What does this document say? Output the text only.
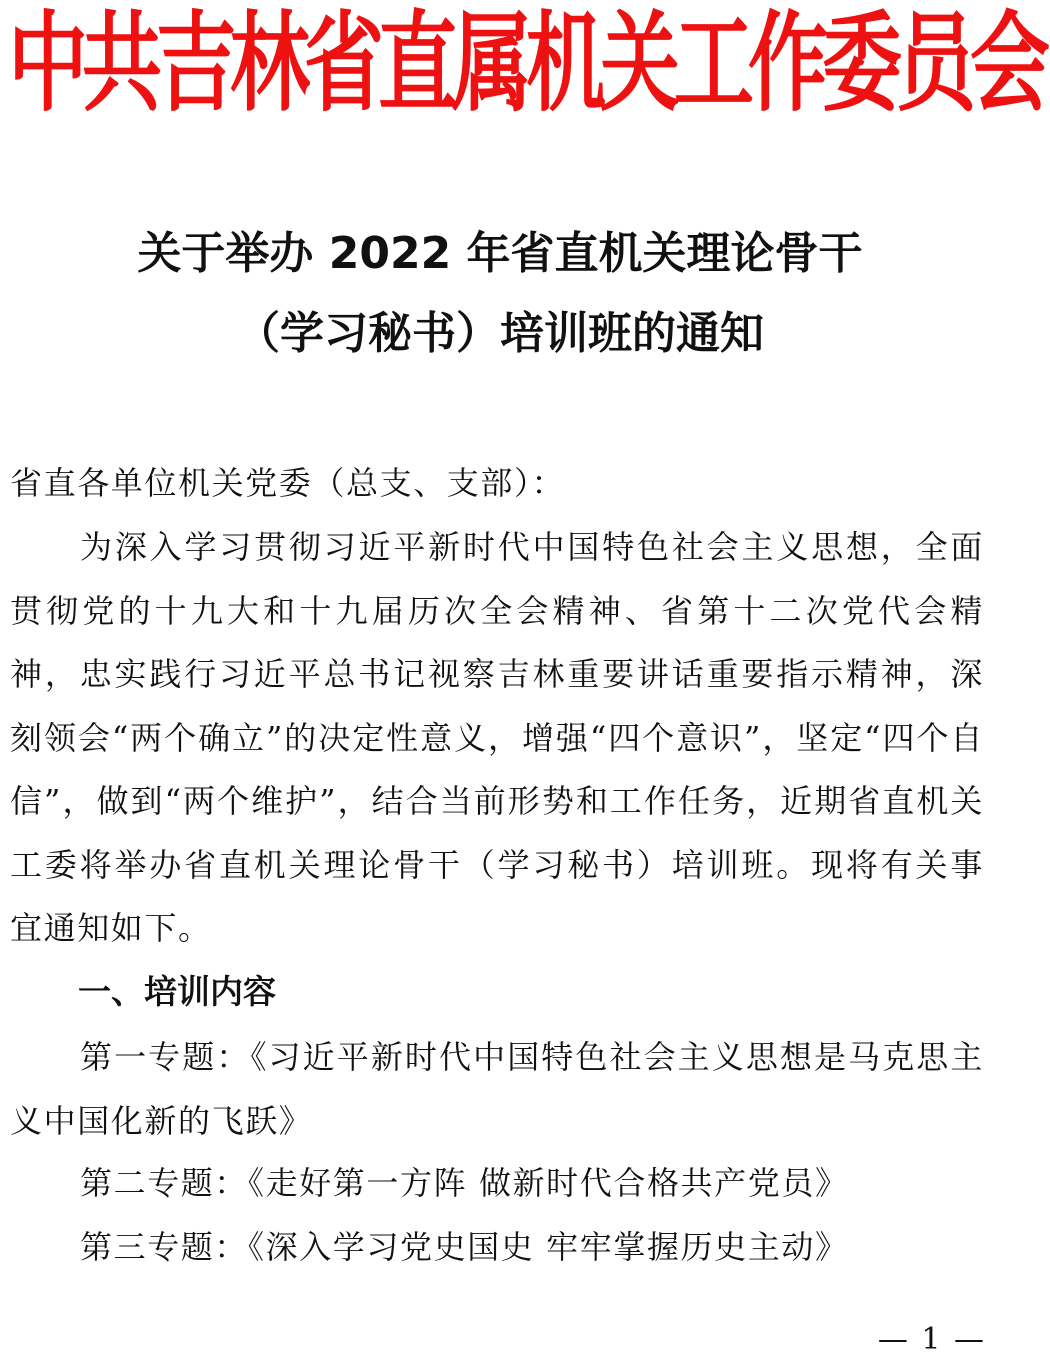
中
共
吉
林
省
直
属
机
关
工
作
委
员
会
关于举办 2022 年省直机关理论骨干
（学习秘书）培训班的通知
省直各单位机关党委（总支、支部）：
为深入学习贯彻习近平新时代中国特色社会主义思想，全面贯彻党的十九大和十九届历次全会精神、省第十二次党代会精神，忠实践行习近平总书记视察吉林重要讲话重要指示精神，深刻领会“两个确立”的决定性意义，增强“四个意识”，坚定“四个自信”，做到“两个维护”，结合当前形势和工作任务，近期省直机关工委将举办省直机关理论骨干（学习秘书）培训班。现将有关事宜通知如下。
一、培训内容
第一专题：《习近平新时代中国特色社会主义思想是马克思主义中国化新的飞跃》
第二专题：《走好第一方阵 做新时代合格共产党员》
第三专题：《深入学习党史国史 牢牢掌握历史主动》
— 1 —
